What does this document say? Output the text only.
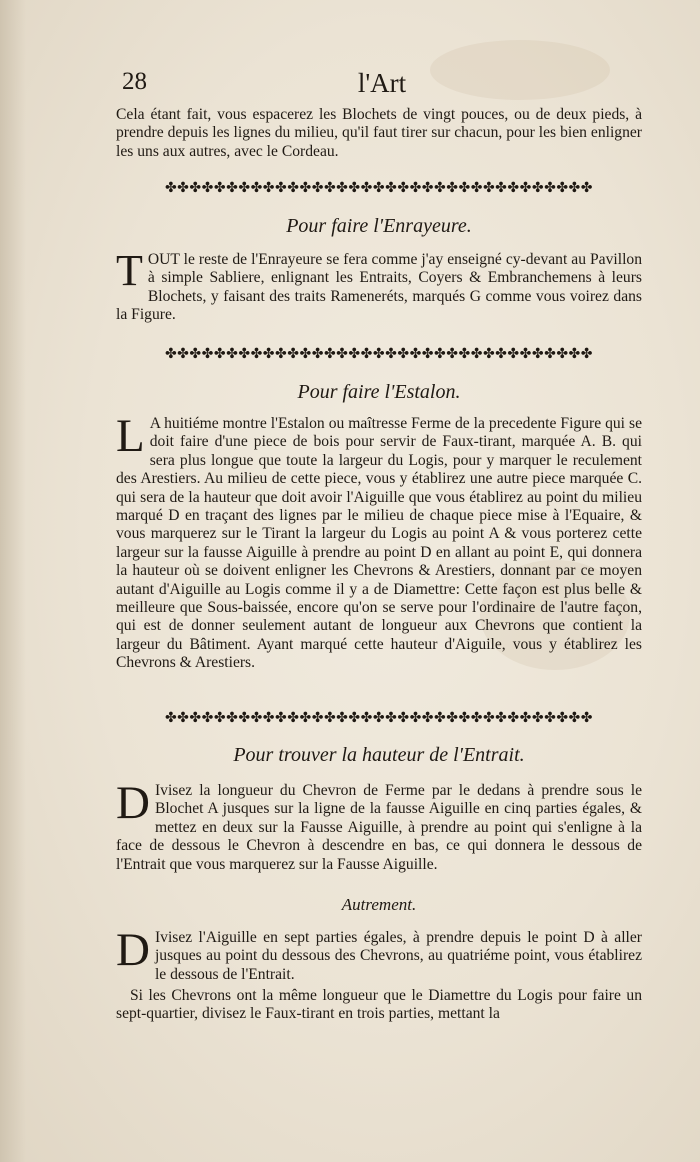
28	l'Art
Cela étant fait, vous espacerez les Blochets de vingt pouces, ou de deux pieds, à prendre depuis les lignes du milieu, qu'il faut tirer sur chacun, pour les bien enligner les uns aux autres, avec le Cordeau.
✤✤✤✤✤✤✤✤✤✤✤✤✤✤✤✤✤✤✤✤✤✤✤✤✤✤✤✤✤✤✤✤✤✤✤
Pour faire l'Enrayeure.
TOUT le reste de l'Enrayeure se fera comme j'ay enseigné cy-devant au Pavillon à simple Sabliere, enlignant les Entraits, Coyers & Embranchemens à leurs Blochets, y faisant des traits Rameneréts, marqués G comme vous voirez dans la Figure.
✤✤✤✤✤✤✤✤✤✤✤✤✤✤✤✤✤✤✤✤✤✤✤✤✤✤✤✤✤✤✤✤✤✤✤
Pour faire l'Estalon.
L A huitiéme montre l'Estalon ou maîtresse Ferme de la precedente Figure qui se doit faire d'une piece de bois pour servir de Faux-tirant, marquée A. B. qui sera plus longue que toute la largeur du Logis, pour y marquer le reculement des Arestiers. Au milieu de cette piece, vous y établirez une autre piece marquée C. qui sera de la hauteur que doit avoir l'Aiguille que vous établirez au point du milieu marqué D en traçant des lignes par le milieu de chaque piece mise à l'Equaire, & vous marquerez sur le Tirant la largeur du Logis au point A & vous porterez cette largeur sur la fausse Aiguille à prendre au point D en allant au point E, qui donnera la hauteur où se doivent enligner les Chevrons & Arestiers, donnant par ce moyen autant d'Aiguille au Logis comme il y a de Diamettre: Cette façon est plus belle & meilleure que Sous-baissée, encore qu'on se serve pour l'ordinaire de l'autre façon, qui est de donner seulement autant de longueur aux Chevrons que contient la largeur du Bâtiment. Ayant marqué cette hauteur d'Aiguile, vous y établirez les Chevrons & Arestiers.
✤✤✤✤✤✤✤✤✤✤✤✤✤✤✤✤✤✤✤✤✤✤✤✤✤✤✤✤✤✤✤✤✤✤✤
Pour trouver la hauteur de l'Entrait.
D Ivisez la longueur du Chevron de Ferme par le dedans à prendre sous le Blochet A jusques sur la ligne de la fausse Aiguille en cinq parties égales, & mettez en deux sur la Fausse Aiguille, à prendre au point qui s'enligne à la face de dessous le Chevron à descendre en bas, ce qui donnera le dessous de l'Entrait que vous marquerez sur la Fausse Aiguille.
Autrement.
D Ivisez l'Aiguille en sept parties égales, à prendre depuis le point D à aller jusques au point du dessous des Chevrons, au quatriéme point, vous établirez le dessous de l'Entrait.
Si les Chevrons ont la même longueur que le Diamettre du Logis pour faire un sept-quartier, divisez le Faux-tirant en trois parties, mettant la
